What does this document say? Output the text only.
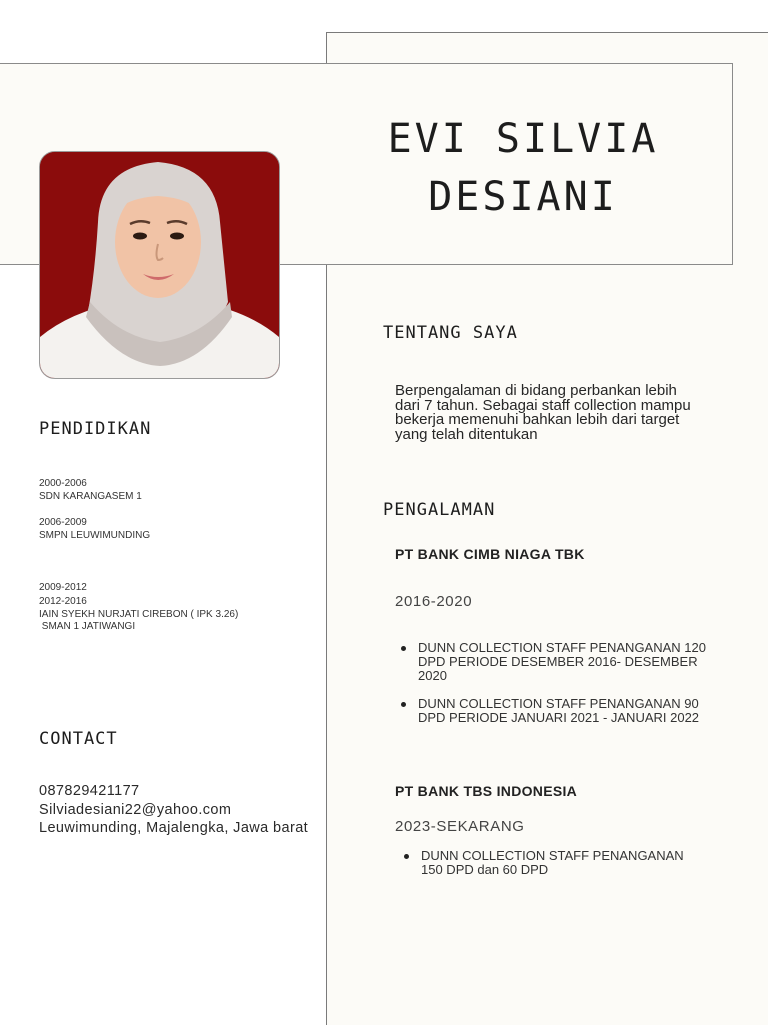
EVI SILVIA
DESIANI
PENDIDIKAN
2000-2006
SDN KARANGASEM 1
2006-2009
SMPN LEUWIMUNDING

2009-2012

SMAN 1 JATIWANGI

2012-2016
IAIN SYEKH NURJATI CIREBON ( IPK 3.26)
CONTACT
087829421177
Silviadesiani22@yahoo.com
Leuwimunding, Majalengka, Jawa barat
TENTANG SAYA
Berpengalaman di bidang perbankan lebih dari 7 tahun. Sebagai staff collection mampu bekerja memenuhi bahkan lebih dari target yang telah ditentukan
PENGALAMAN
PT BANK CIMB NIAGA TBK
2016-2020
DUNN COLLECTION STAFF PENANGANAN 120 DPD PERIODE DESEMBER 2016- DESEMBER 2020
DUNN COLLECTION STAFF PENANGANAN 90 DPD PERIODE JANUARI 2021 - JANUARI 2022
PT BANK TBS INDONESIA
2023-SEKARANG
DUNN COLLECTION STAFF PENANGANAN 150 DPD dan 60 DPD
